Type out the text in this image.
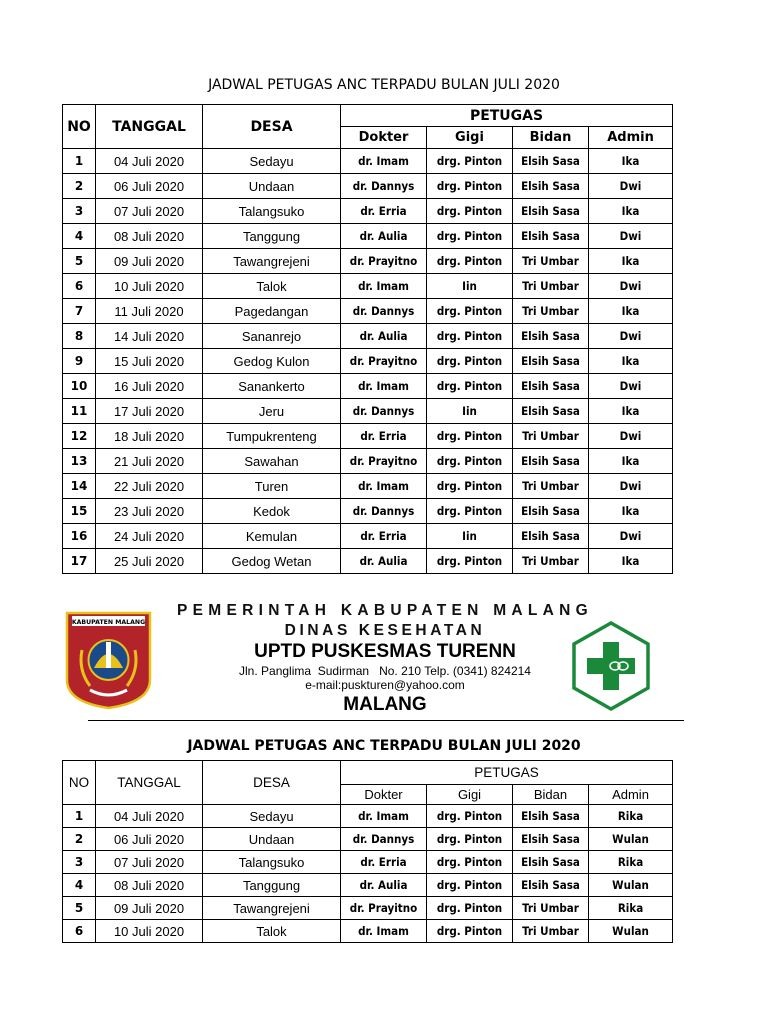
JADWAL PETUGAS ANC TERPADU BULAN JULI 2020
NO	TANGGAL	DESA	PETUGAS			
			Dokter	Gigi	Bidan	Admin
1	04 Juli 2020	Sedayu	dr. Imam	drg. Pinton	Elsih Sasa	Ika
2	06 Juli 2020	Undaan	dr. Dannys	drg. Pinton	Elsih Sasa	Dwi
3	07 Juli 2020	Talangsuko	dr. Erria	drg. Pinton	Elsih Sasa	Ika
4	08 Juli 2020	Tanggung	dr. Aulia	drg. Pinton	Elsih Sasa	Dwi
5	09 Juli 2020	Tawangrejeni	dr. Prayitno	drg. Pinton	Tri Umbar	Ika
6	10 Juli 2020	Talok	dr. Imam	Iin	Tri Umbar	Dwi
7	11 Juli 2020	Pagedangan	dr. Dannys	drg. Pinton	Tri Umbar	Ika
8	14 Juli 2020	Sananrejo	dr. Aulia	drg. Pinton	Elsih Sasa	Dwi
9	15 Juli 2020	Gedog Kulon	dr. Prayitno	drg. Pinton	Elsih Sasa	Ika
10	16 Juli 2020	Sanankerto	dr. Imam	drg. Pinton	Elsih Sasa	Dwi
11	17 Juli 2020	Jeru	dr. Dannys	Iin	Elsih Sasa	Ika
12	18 Juli 2020	Tumpukrenteng	dr. Erria	drg. Pinton	Tri Umbar	Dwi
13	21 Juli 2020	Sawahan	dr. Prayitno	drg. Pinton	Elsih Sasa	Ika
14	22 Juli 2020	Turen	dr. Imam	drg. Pinton	Tri Umbar	Dwi
15	23 Juli 2020	Kedok	dr. Dannys	drg. Pinton	Elsih Sasa	Ika
16	24 Juli 2020	Kemulan	dr. Erria	Iin	Elsih Sasa	Dwi
17	25 Juli 2020	Gedog Wetan	dr. Aulia	drg. Pinton	Tri Umbar	Ika
KABUPATEN MALANG
PEMERINTAH KABUPATEN MALANG
DINAS KESEHATAN
UPTD PUSKESMAS TURENN
Jln. Panglima  Sudirman   No. 210 Telp. (0341) 824214
e-mail:puskturen@yahoo.com
MALANG
JADWAL PETUGAS ANC TERPADU BULAN JULI 2020
NO	TANGGAL	DESA	PETUGAS			
			Dokter	Gigi	Bidan	Admin
1	04 Juli 2020	Sedayu	dr. Imam	drg. Pinton	Elsih Sasa	Rika
2	06 Juli 2020	Undaan	dr. Dannys	drg. Pinton	Elsih Sasa	Wulan
3	07 Juli 2020	Talangsuko	dr. Erria	drg. Pinton	Elsih Sasa	Rika
4	08 Juli 2020	Tanggung	dr. Aulia	drg. Pinton	Elsih Sasa	Wulan
5	09 Juli 2020	Tawangrejeni	dr. Prayitno	drg. Pinton	Tri Umbar	Rika
6	10 Juli 2020	Talok	dr. Imam	drg. Pinton	Tri Umbar	Wulan
